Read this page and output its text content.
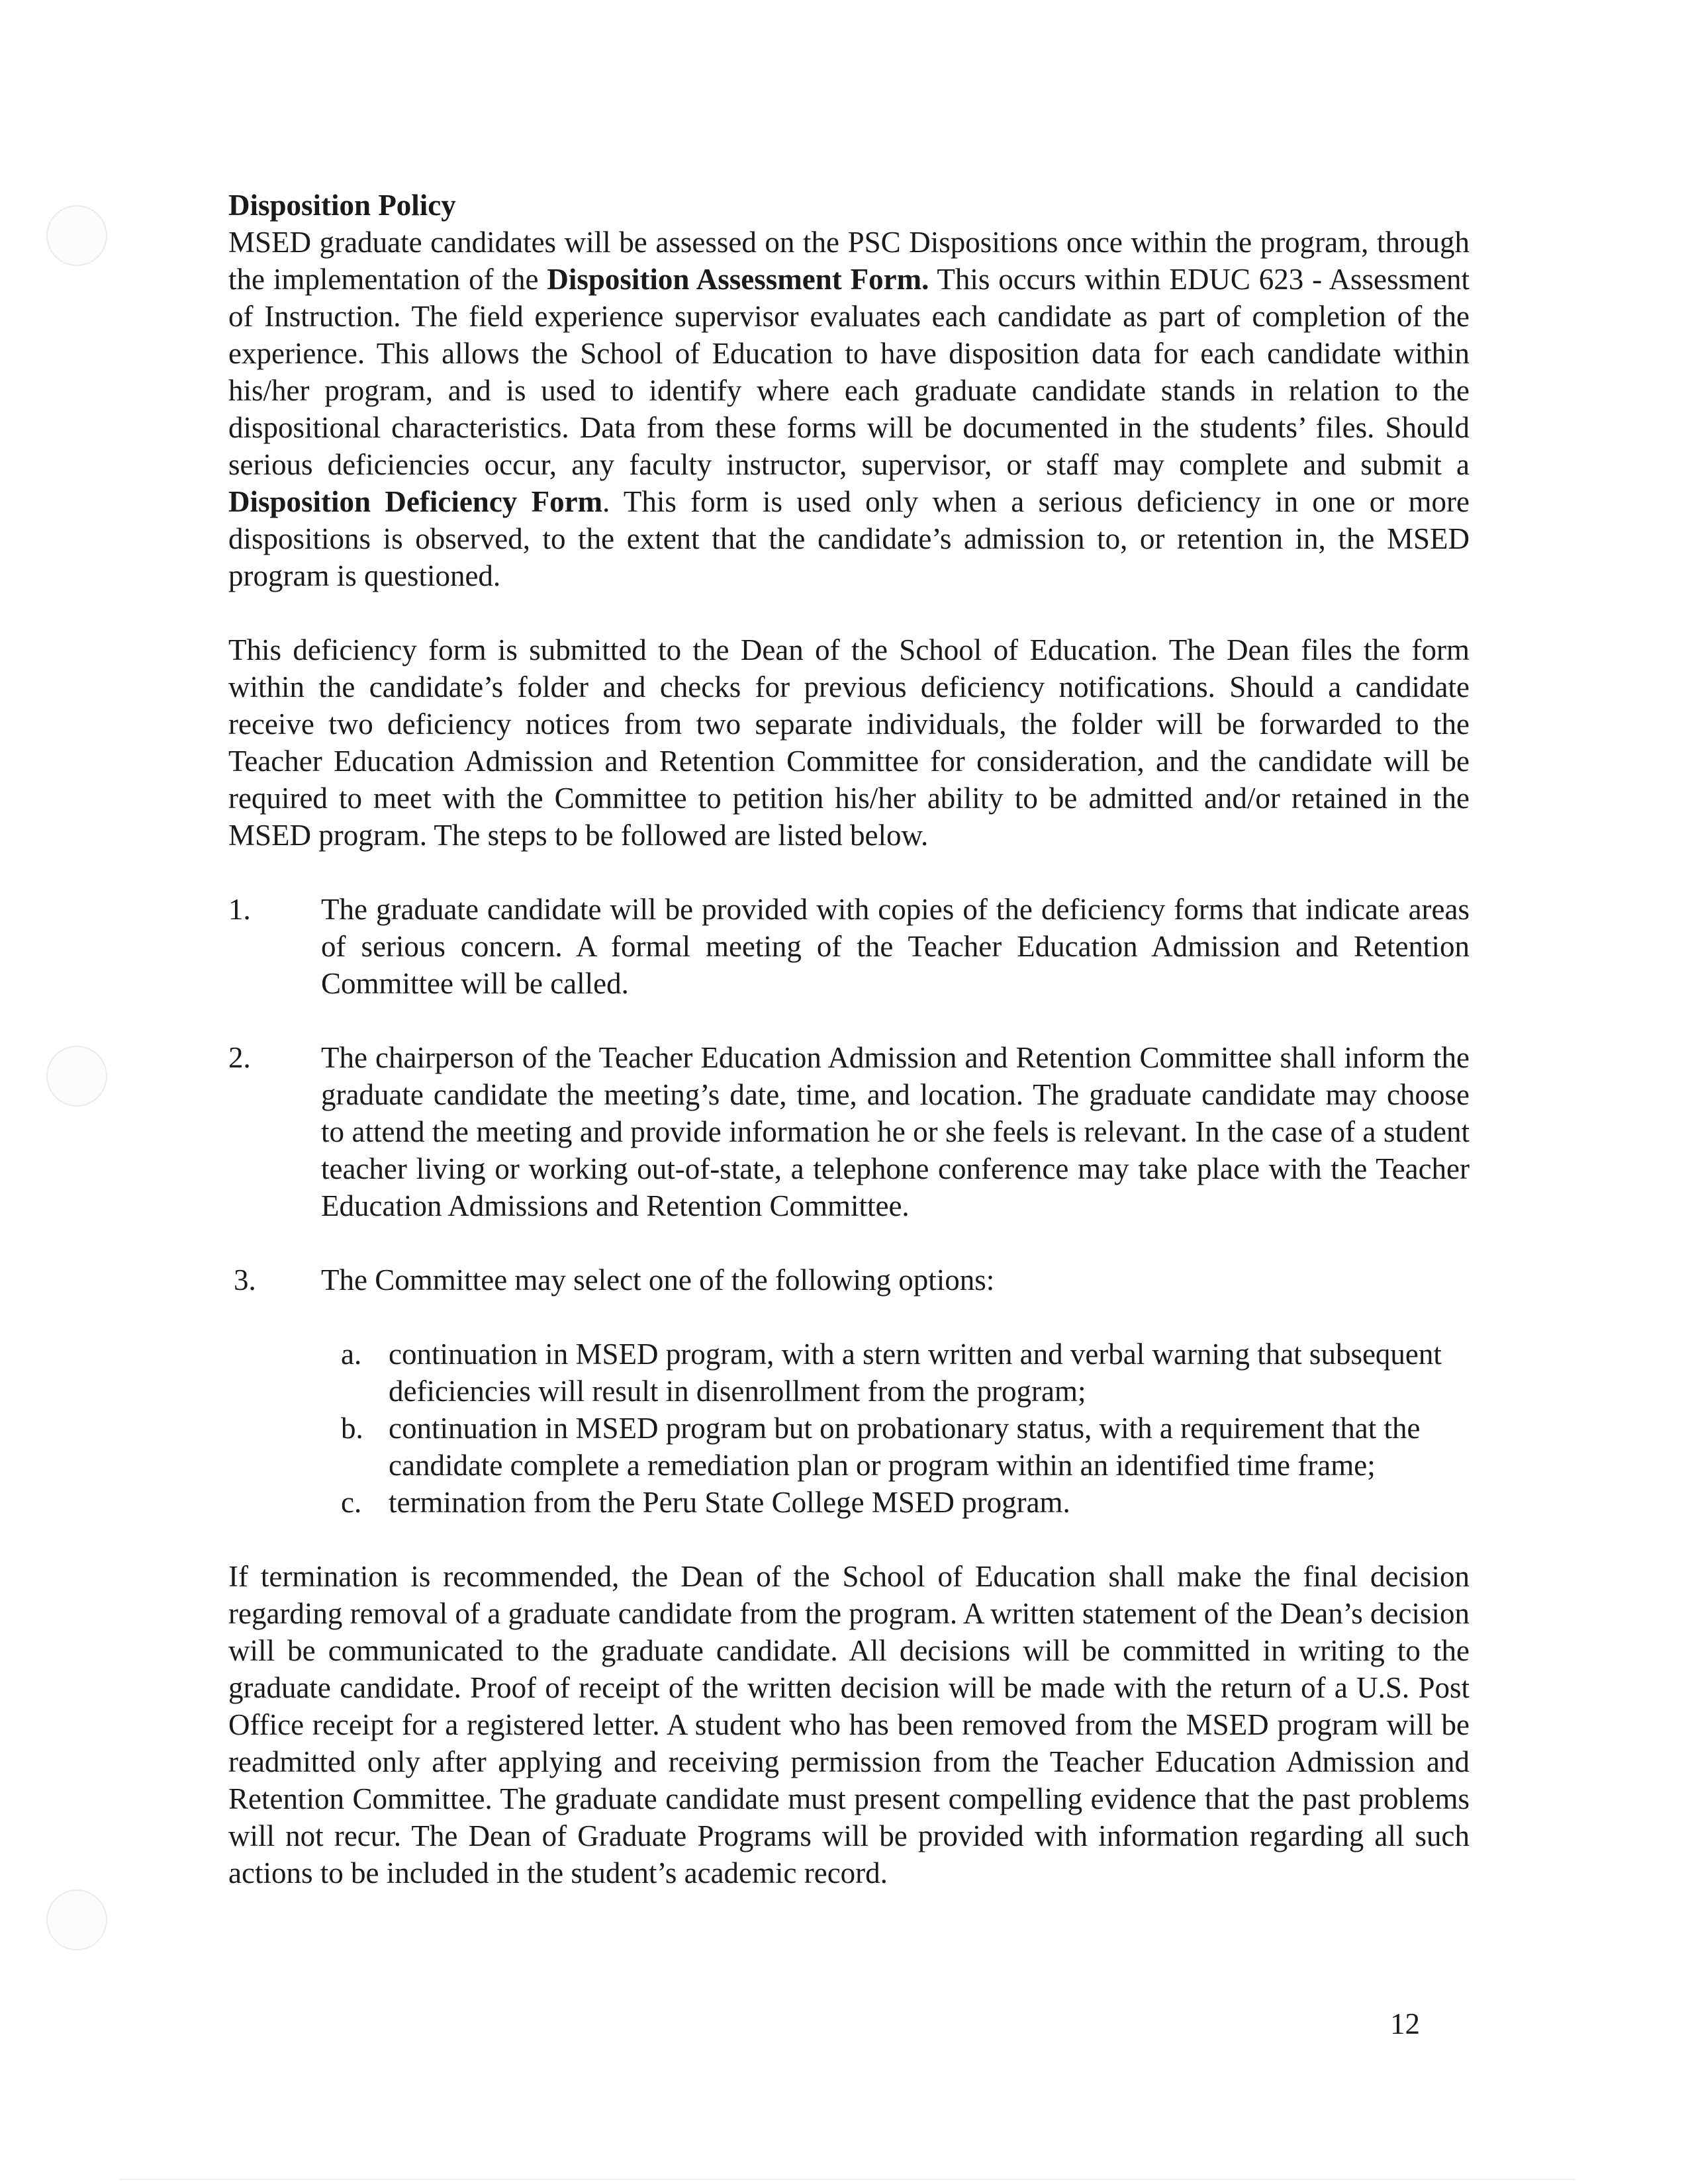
Disposition Policy

MSED graduate candidates will be assessed on the PSC Dispositions once within the program, through the implementation of the Disposition Assessment Form. This occurs within EDUC 623 - Assessment of Instruction. The field experience supervisor evaluates each candidate as part of completion of the experience. This allows the School of Education to have disposition data for each candidate within his/her program, and is used to identify where each graduate candidate stands in relation to the dispositional characteristics. Data from these forms will be documented in the students’ files. Should serious deficiencies occur, any faculty instructor, supervisor, or staff may complete and submit a Disposition Deficiency Form. This form is used only when a serious deficiency in one or more dispositions is observed, to the extent that the candidate’s admission to, or retention in, the MSED program is questioned.

This deficiency form is submitted to the Dean of the School of Education. The Dean files the form within the candidate’s folder and checks for previous deficiency notifications. Should a candidate receive two deficiency notices from two separate individuals, the folder will be forwarded to the Teacher Education Admission and Retention Committee for consideration, and the candidate will be required to meet with the Committee to petition his/her ability to be admitted and/or retained in the MSED program. The steps to be followed are listed below.

1.	The graduate candidate will be provided with copies of the deficiency forms that indicate areas of serious concern. A formal meeting of the Teacher Education Admission and Retention Committee will be called.
2.	The chairperson of the Teacher Education Admission and Retention Committee shall inform the graduate candidate the meeting’s date, time, and location. The graduate candidate may choose to attend the meeting and provide information he or she feels is relevant. In the case of a student teacher living or working out-of-state, a telephone conference may take place with the Teacher Education Admissions and Retention Committee.
3.	The Committee may select one of the following options:
a. continuation in MSED program, with a stern written and verbal warning that subsequent deficiencies will result in disenrollment from the program;
b. continuation in MSED program but on probationary status, with a requirement that the candidate complete a remediation plan or program within an identified time frame;
c. termination from the Peru State College MSED program.

If termination is recommended, the Dean of the School of Education shall make the final decision regarding removal of a graduate candidate from the program. A written statement of the Dean’s decision will be communicated to the graduate candidate. All decisions will be committed in writing to the graduate candidate. Proof of receipt of the written decision will be made with the return of a U.S. Post Office receipt for a registered letter. A student who has been removed from the MSED program will be readmitted only after applying and receiving permission from the Teacher Education Admission and Retention Committee. The graduate candidate must present compelling evidence that the past problems will not recur. The Dean of Graduate Programs will be provided with information regarding all such actions to be included in the student’s academic record.

12
